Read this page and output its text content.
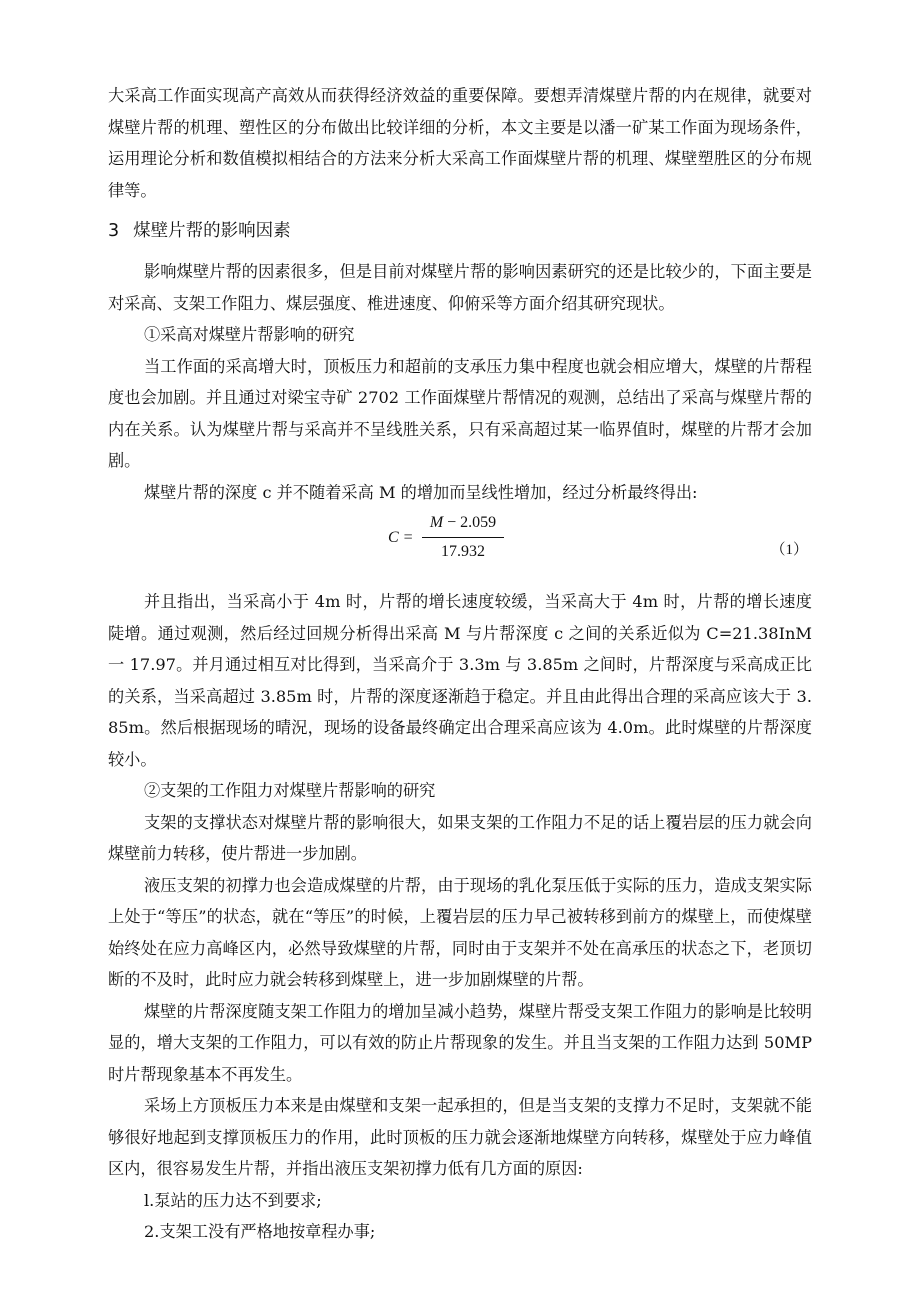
大采高工作面实现高产高效从而获得经济效益的重要保障。要想弄清煤壁片帮的内在规律，就要对煤壁片帮的机理、塑性区的分布做出比较详细的分析，本文主要是以潘一矿某工作面为现场条件，运用理论分析和数值模拟相结合的方法来分析大采高工作面煤壁片帮的机理、煤壁塑胜区的分布规律等。

3 煤壁片帮的影响因素

影响煤壁片帮的因素很多，但是目前对煤壁片帮的影响因素研究的还是比较少的，下面主要是对采高、支架工作阻力、煤层强度、椎进速度、仰俯采等方面介绍其研究现状。

①采高对煤壁片帮影响的研究

当工作面的采高增大时，顶板压力和超前的支承压力集中程度也就会相应增大，煤壁的片帮程度也会加剧。并且通过对梁宝寺矿 2702 工作面煤壁片帮情况的观测，总结出了采高与煤壁片帮的内在关系。认为煤壁片帮与采高并不呈线胜关系，只有采高超过某一临界值时，煤壁的片帮才会加剧。

煤壁片帮的深度 c 并不随着采高 M 的增加而呈线性增加，经过分析最终得出:

C =
M − 2.059
17.932	（1）

并且指出，当采高小于 4m 时，片帮的增长速度较缓，当采高大于 4m 时，片帮的增长速度陡增。通过观测，然后经过回规分析得出采高 M 与片帮深度 c 之间的关系近似为 C=21.38InM 一 17.97。并月通过相互对比得到，当采高介于 3.3m 与 3.85m 之间时，片帮深度与采高成正比的关系，当采高超过 3.85m 时，片帮的深度逐渐趋于稳定。并且由此得出合理的采高应该大于 3.85m。然后根据现场的晴況，现场的设备最终确定出合理采高应该为 4.0m。此时煤壁的片帮深度较小。

②支架的工作阻力对煤壁片帮影响的研究

支架的支撑状态对煤壁片帮的影响很大，如果支架的工作阻力不足的话上覆岩层的压力就会向煤壁前力转移，使片帮进一步加剧。

液压支架的初撑力也会造成煤壁的片帮，由于现场的乳化泵压低于实际的压力，造成支架实际上处于“等压”的状态，就在“等压”的时候，上覆岩层的压力早己被转移到前方的煤壁上，而使煤壁始终处在应力高峰区内，必然导致煤壁的片帮，同时由于支架并不处在高承压的状态之下，老顶切断的不及时，此时应力就会转移到煤壁上，进一步加剧煤壁的片帮。

煤壁的片帮深度随支架工作阻力的增加呈减小趋势，煤壁片帮受支架工作阻力的影响是比较明显的，增大支架的工作阻力，可以有效的防止片帮现象的发生。并且当支架的工作阻力达到 50MP 时片帮现象基本不再发生。

采场上方顶板压力本来是由煤壁和支架一起承担的，但是当支架的支撑力不足时，支架就不能够很好地起到支撑顶板压力的作用，此时顶板的压力就会逐渐地煤壁方向转移，煤壁处于应力峰值区内，很容易发生片帮，并指出液压支架初撑力低有几方面的原因:

l.泵站的压力达不到要求;

2.支架工没有严格地按章程办事;
